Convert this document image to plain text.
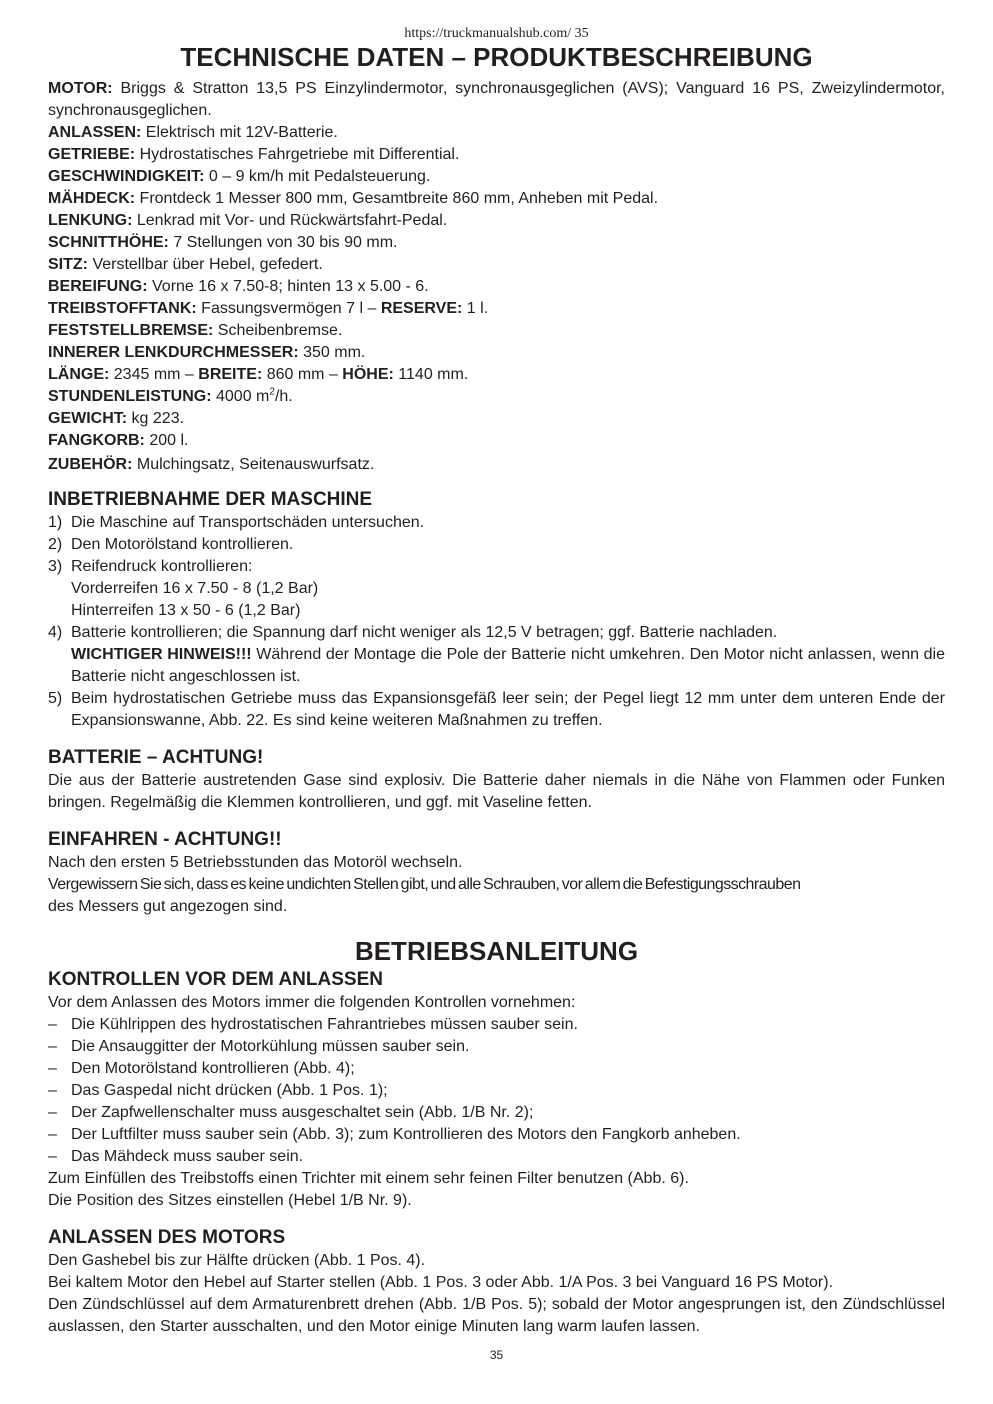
https://truckmanualshub.com/ 35

TECHNISCHE DATEN – PRODUKTBESCHREIBUNG

MOTOR: Briggs & Stratton 13,5 PS Einzylindermotor, synchronausgeglichen (AVS); Vanguard 16 PS, Zweizylindermotor, synchronausgeglichen.

ANLASSEN: Elektrisch mit 12V-Batterie.

GETRIEBE: Hydrostatisches Fahrgetriebe mit Differential.

GESCHWINDIGKEIT: 0 – 9 km/h mit Pedalsteuerung.

MÄHDECK: Frontdeck 1 Messer 800 mm, Gesamtbreite 860 mm, Anheben mit Pedal.

LENKUNG: Lenkrad mit Vor- und Rückwärtsfahrt-Pedal.

SCHNITTHÖHE: 7 Stellungen von 30 bis 90 mm.

SITZ: Verstellbar über Hebel, gefedert.

BEREIFUNG: Vorne 16 x 7.50-8; hinten 13 x 5.00 - 6.

TREIBSTOFFTANK: Fassungsvermögen 7 l – RESERVE: 1 l.

FESTSTELLBREMSE: Scheibenbremse.

INNERER LENKDURCHMESSER: 350 mm.

LÄNGE: 2345 mm – BREITE: 860 mm – HÖHE: 1140 mm.

STUNDENLEISTUNG: 4000 $m^2/h$.

GEWICHT: kg 223.

FANGKORB: 200 l.

ZUBEHÖR: Mulchingsatz, Seitenauswurfsatz.

INBETRIEBNAHME DER MASCHINE
1) Die Maschine auf Transportschäden untersuchen.
2) Den Motorölstand kontrollieren.
3) Reifendruck kontrollieren:
Vorderreifen 16 x 7.50 - 8 (1,2 Bar)
Hinterreifen 13 x 50 - 6 (1,2 Bar)
4) Batterie kontrollieren; die Spannung darf nicht weniger als 12,5 V betragen; ggf. Batterie nachladen.
WICHTIGER HINWEIS!!! Während der Montage die Pole der Batterie nicht umkehren. Den Motor nicht anlassen, wenn die Batterie nicht angeschlossen ist.
5) Beim hydrostatischen Getriebe muss das Expansionsgefäß leer sein; der Pegel liegt 12 mm unter dem unteren Ende der Expansionswanne, Abb. 22. Es sind keine weiteren Maßnahmen zu treffen.
BATTERIE – ACHTUNG!

Die aus der Batterie austretenden Gase sind explosiv. Die Batterie daher niemals in die Nähe von Flammen oder Funken bringen. Regelmäßig die Klemmen kontrollieren, und ggf. mit Vaseline fetten.

EINFAHREN - ACHTUNG!!

Nach den ersten 5 Betriebsstunden das Motoröl wechseln.

Vergewissern Sie sich, dass es keine undichten Stellen gibt, und alle Schrauben, vor allem die Befestigungsschrauben

des Messers gut angezogen sind.

BETRIEBSANLEITUNG
KONTROLLEN VOR DEM ANLASSEN

Vor dem Anlassen des Motors immer die folgenden Kontrollen vornehmen:

– Die Kühlrippen des hydrostatischen Fahrantriebes müssen sauber sein.
– Die Ansauggitter der Motorkühlung müssen sauber sein.
– Den Motorölstand kontrollieren (Abb. 4);
– Das Gaspedal nicht drücken (Abb. 1 Pos. 1);
– Der Zapfwellenschalter muss ausgeschaltet sein (Abb. 1/B Nr. 2);
– Der Luftfilter muss sauber sein (Abb. 3); zum Kontrollieren des Motors den Fangkorb anheben.
– Das Mähdeck muss sauber sein.

Zum Einfüllen des Treibstoffs einen Trichter mit einem sehr feinen Filter benutzen (Abb. 6).

Die Position des Sitzes einstellen (Hebel 1/B Nr. 9).

ANLASSEN DES MOTORS

Den Gashebel bis zur Hälfte drücken (Abb. 1 Pos. 4).

Bei kaltem Motor den Hebel auf Starter stellen (Abb. 1 Pos. 3 oder Abb. 1/A Pos. 3 bei Vanguard 16 PS Motor).

Den Zündschlüssel auf dem Armaturenbrett drehen (Abb. 1/B Pos. 5); sobald der Motor angesprungen ist, den Zündschlüssel auslassen, den Starter ausschalten, und den Motor einige Minuten lang warm laufen lassen.

35
